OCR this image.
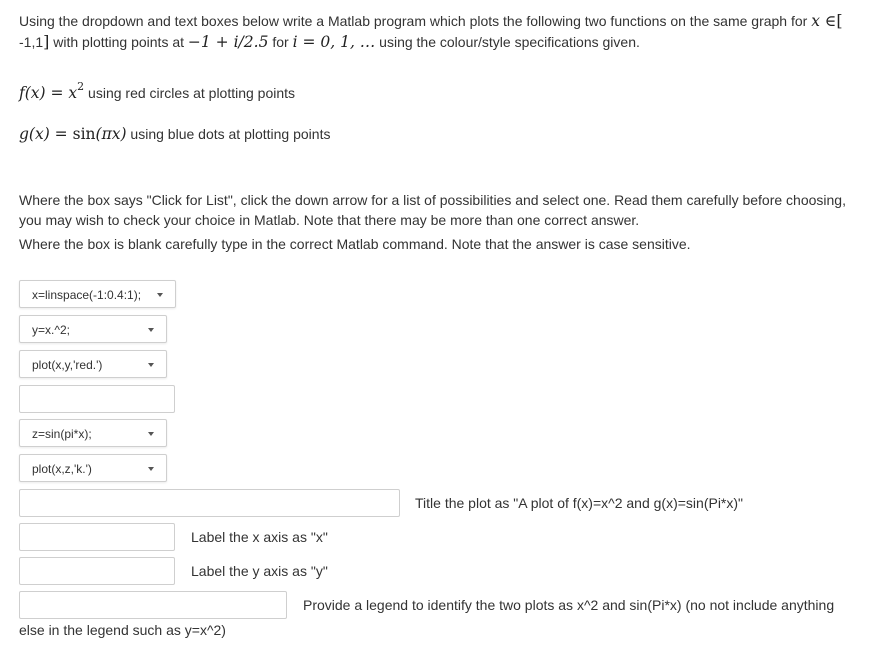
Using the dropdown and text boxes below write a Matlab program which plots the following two functions on the same graph for x ∈[
-1,1] with plotting points at −1 + i/2.5 for i = 0, 1, … using the colour/style specifications given.
$f(x) = x^2$ using red circles at plotting points
g(x) = sin(πx) using blue dots at plotting points
Where the box says "Click for List", click the down arrow for a list of possibilities and select one. Read them carefully before choosing,
you may wish to check your choice in Matlab. Note that there may be more than one correct answer.
Where the box is blank carefully type in the correct Matlab command. Note that the answer is case sensitive.
x=linspace(-1:0.4:1);
y=x.^2;
plot(x,y,'red.')
z=sin(pi*x);
plot(x,z,'k.')
Title the plot as "A plot of f(x)=x^2 and g(x)=sin(Pi*x)"
Label the x axis as "x"
Label the y axis as "y"
Provide a legend to identify the two plots as x^2 and sin(Pi*x) (no not include anything
else in the legend such as y=x^2)
